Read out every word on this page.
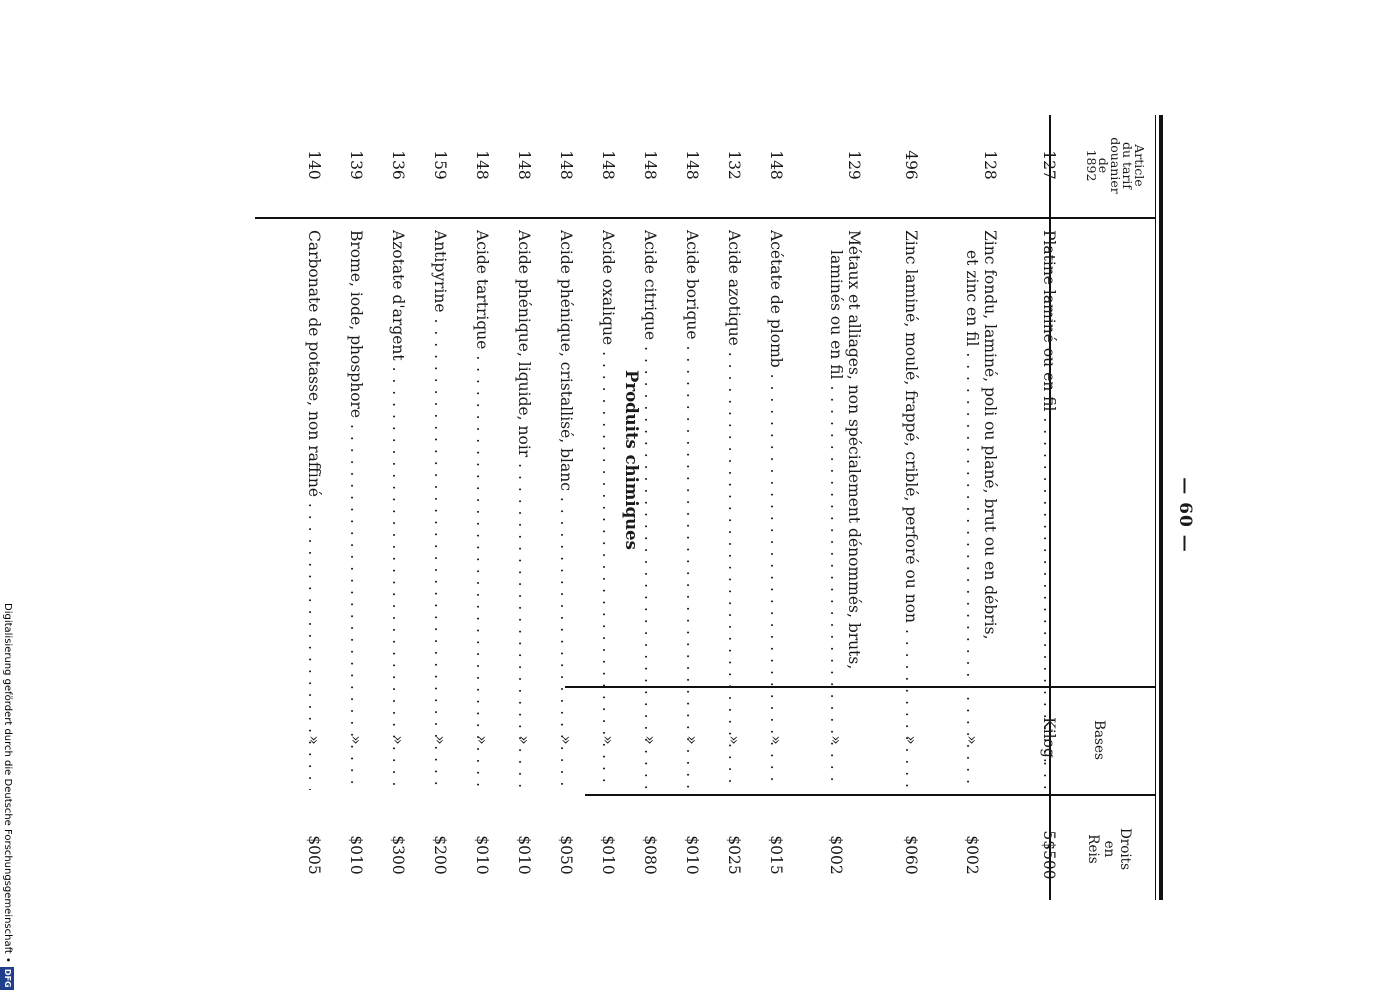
— 60 —
Article
du tarif
douanier
de
1892
Bases
Droits
en
Reis
Produits chimiques
127
Platine laminé ou en fil . . .
Kilog.
5$500
128
Zinc fondu, laminé, poli ou plané, brut ou en débris,
et zinc en fil . . .
»
$002
496
Zinc laminé, moulé, frappé, criblé, perforé ou non . . .
»
$060
129
Métaux et alliages, non spécialement dénommés, bruts,
laminés ou en fil . . .
»
$002
148
Acétate de plomb . . .
»
$015
132
Acide azotique . . .
»
$025
148
Acide borique . . .
»
$010
148
Acide citrique . . .
»
$080
148
Acide oxalique . . .
»
$010
148
Acide phénique, cristallisé, blanc . . .
»
$050
148
Acide phénique, liquide, noir . . .
»
$010
148
Acide tartrique . . .
»
$010
159
Antipyrine . . .
»
$200
136
Azotate d'argent . . .
»
$300
139
Brome, iode, phosphore . . .
»
$010
140
Carbonate de potasse, non raffiné . . .
»
$005
Digitalisierung gefördert durch die Deutsche Forschungsgemeinschaft •DFG
